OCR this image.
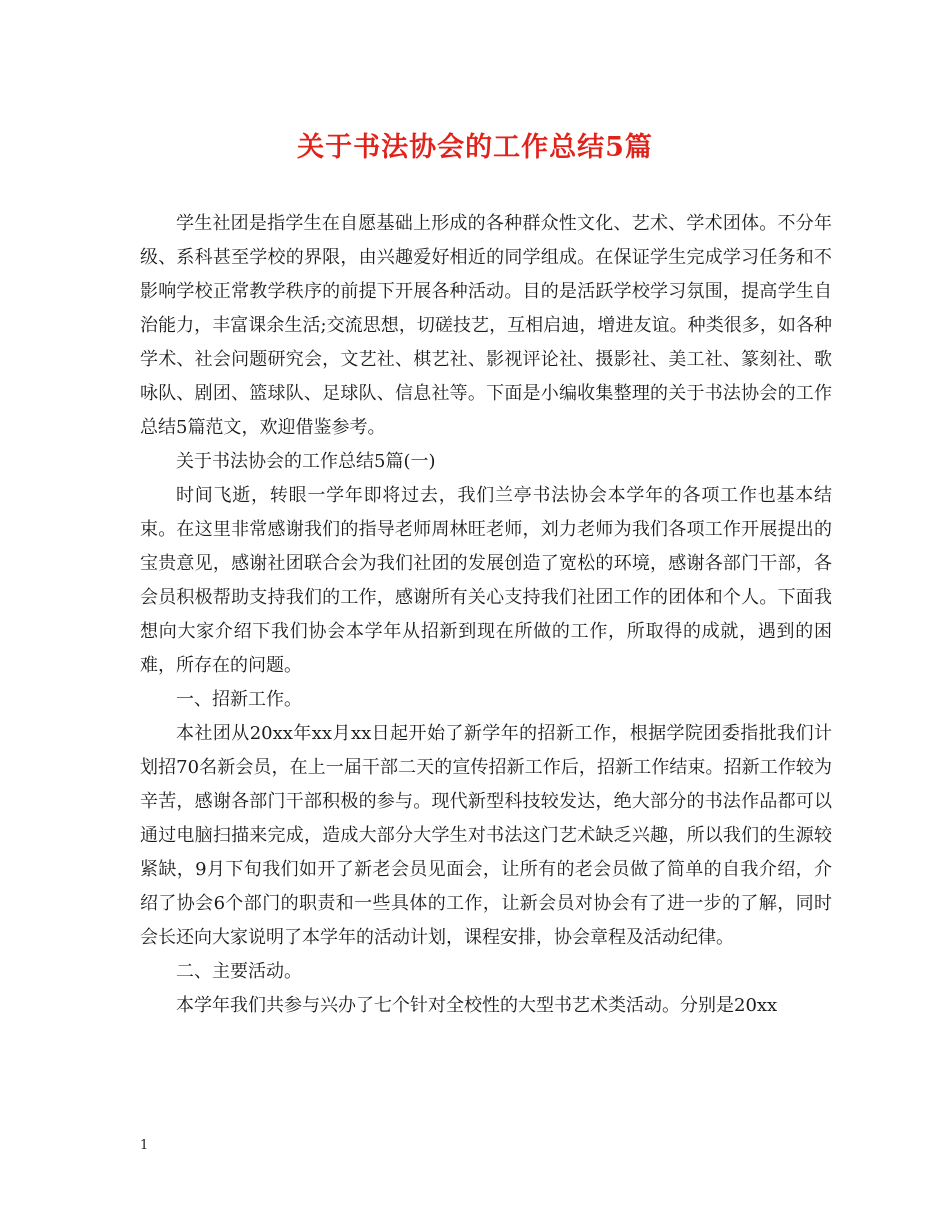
关于书法协会的工作总结5篇

学生社团是指学生在自愿基础上形成的各种群众性文化、艺术、学术团体。不分年级、系科甚至学校的界限，由兴趣爱好相近的同学组成。在保证学生完成学习任务和不影响学校正常教学秩序的前提下开展各种活动。目的是活跃学校学习氛围，提高学生自治能力，丰富课余生活;交流思想，切磋技艺，互相启迪，增进友谊。种类很多，如各种学术、社会问题研究会，文艺社、棋艺社、影视评论社、摄影社、美工社、篆刻社、歌咏队、剧团、篮球队、足球队、信息社等。下面是小编收集整理的关于书法协会的工作总结5篇范文，欢迎借鉴参考。

关于书法协会的工作总结5篇(一)

时间飞逝，转眼一学年即将过去，我们兰亭书法协会本学年的各项工作也基本结束。在这里非常感谢我们的指导老师周林旺老师，刘力老师为我们各项工作开展提出的宝贵意见，感谢社团联合会为我们社团的发展创造了宽松的环境，感谢各部门干部，各会员积极帮助支持我们的工作，感谢所有关心支持我们社团工作的团体和个人。下面我想向大家介绍下我们协会本学年从招新到现在所做的工作，所取得的成就，遇到的困难，所存在的问题。

一、招新工作。

本社团从20xx年xx月xx日起开始了新学年的招新工作，根据学院团委指批我们计划招70名新会员，在上一届干部二天的宣传招新工作后，招新工作结束。招新工作较为辛苦，感谢各部门干部积极的参与。现代新型科技较发达，绝大部分的书法作品都可以通过电脑扫描来完成，造成大部分大学生对书法这门艺术缺乏兴趣，所以我们的生源较紧缺，9月下旬我们如开了新老会员见面会，让所有的老会员做了简单的自我介绍，介绍了协会6个部门的职责和一些具体的工作，让新会员对协会有了进一步的了解，同时会长还向大家说明了本学年的活动计划，课程安排，协会章程及活动纪律。

二、主要活动。

本学年我们共参与兴办了七个针对全校性的大型书艺术类活动。分别是20xx

1
